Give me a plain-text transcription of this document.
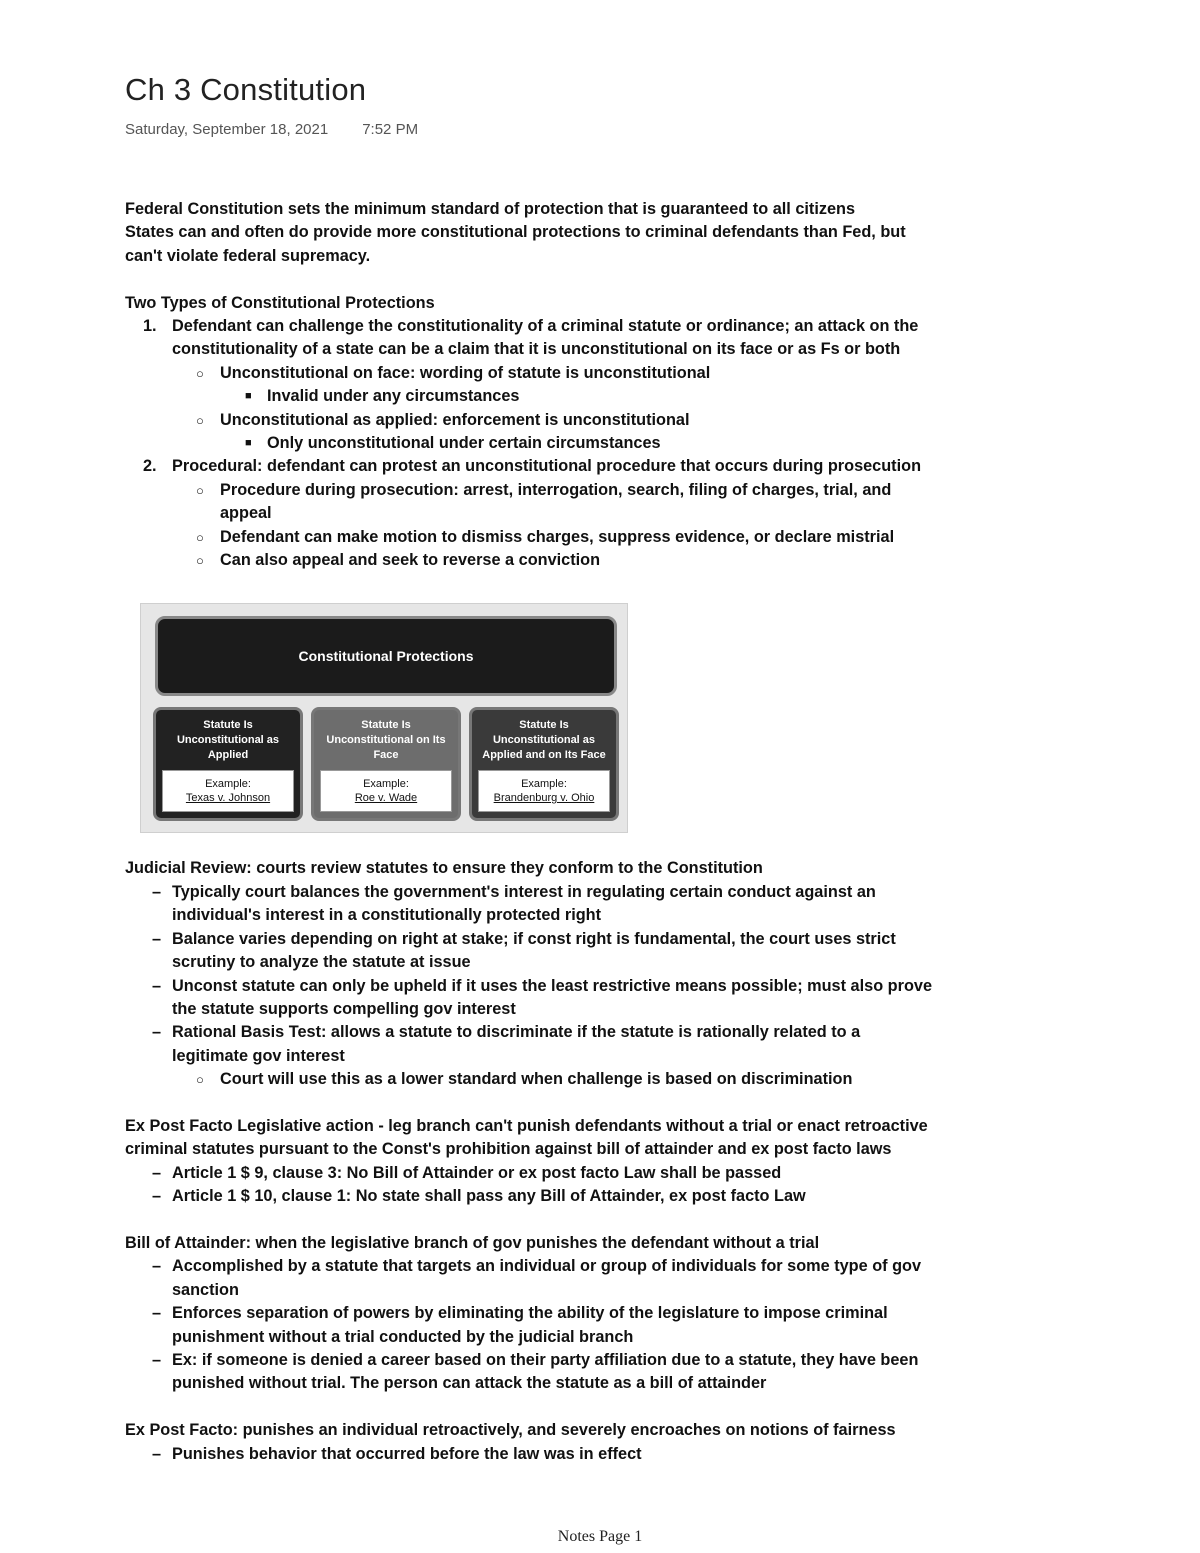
Ch 3 Constitution
Saturday, September 18, 2021 7:52 PM

Federal Constitution sets the minimum standard of protection that is guaranteed to all citizens

States can and often do provide more constitutional protections to criminal defendants than Fed, but

can't violate federal supremacy.

Two Types of Constitutional Protections

1. Defendant can challenge the constitutionality of a criminal statute or ordinance; an attack on the
constitutionality of a state can be a claim that it is unconstitutional on its face or as Fs or both
○ Unconstitutional on face: wording of statute is unconstitutional
■ Invalid under any circumstances
○ Unconstitutional as applied: enforcement is unconstitutional
■ Only unconstitutional under certain circumstances
2. Procedural: defendant can protest an unconstitutional procedure that occurs during prosecution
○ Procedure during prosecution: arrest, interrogation, search, filing of charges, trial, and
appeal
○ Defendant can make motion to dismiss charges, suppress evidence, or declare mistrial
○ Can also appeal and seek to reverse a conviction

Judicial Review: courts review statutes to ensure they conform to the Constitution

– Typically court balances the government's interest in regulating certain conduct against an
individual's interest in a constitutionally protected right
– Balance varies depending on right at stake; if const right is fundamental, the court uses strict
scrutiny to analyze the statute at issue
– Unconst statute can only be upheld if it uses the least restrictive means possible; must also prove
the statute supports compelling gov interest
– Rational Basis Test: allows a statute to discriminate if the statute is rationally related to a
legitimate gov interest
○ Court will use this as a lower standard when challenge is based on discrimination

Ex Post Facto Legislative action - leg branch can't punish defendants without a trial or enact retroactive

criminal statutes pursuant to the Const's prohibition against bill of attainder and ex post facto laws

– Article 1 $ 9, clause 3: No Bill of Attainder or ex post facto Law shall be passed
– Article 1 $ 10, clause 1: No state shall pass any Bill of Attainder, ex post facto Law

Bill of Attainder: when the legislative branch of gov punishes the defendant without a trial

– Accomplished by a statute that targets an individual or group of individuals for some type of gov
sanction
– Enforces separation of powers by eliminating the ability of the legislature to impose criminal
punishment without a trial conducted by the judicial branch
– Ex: if someone is denied a career based on their party affiliation due to a statute, they have been
punished without trial. The person can attack the statute as a bill of attainder

Ex Post Facto: punishes an individual retroactively, and severely encroaches on notions of fairness

– Punishes behavior that occurred before the law was in effect
Constitutional Protections
Statute Is Unconstitutional as Applied
Example:
Texas v. Johnson
Statute Is Unconstitutional on Its Face
Example:
Roe v. Wade
Statute Is Unconstitutional as Applied and on Its Face
Example:
Brandenburg v. Ohio
Notes Page 1
